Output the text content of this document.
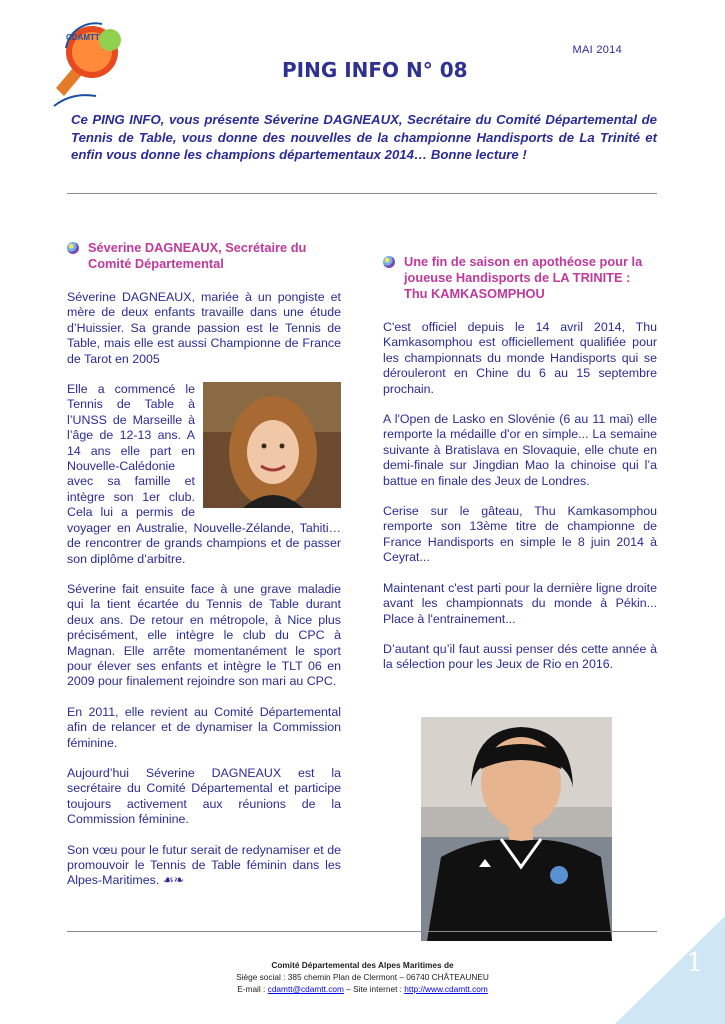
CDAMTT
MAI 2014
PING INFO N° 08
Ce PING INFO, vous présente Séverine DAGNEAUX, Secrétaire du Comité Départemental de Tennis de Table, vous donne des nouvelles de la championne Handisports de La Trinité et enfin vous donne les champions départementaux 2014… Bonne lecture !
Séverine DAGNEAUX, Secrétaire du Comité Départemental

Séverine DAGNEAUX, mariée à un pongiste et mère de deux enfants travaille dans une étude d’Huissier. Sa grande passion est le Tennis de Table, mais elle est aussi Championne de France de Tarot en 2005

Elle a commencé le Tennis de Table à l’UNSS de Marseille à l’âge de 12-13 ans. A 14 ans elle part en Nouvelle-Calédonie avec sa famille et intègre son 1er club. Cela lui a permis de voyager en Australie, Nouvelle-Zélande, Tahiti… de rencontrer de grands champions et de passer son diplôme d’arbitre.

Séverine fait ensuite face à une grave maladie qui la tient écartée du Tennis de Table durant deux ans. De retour en métropole, à Nice plus précisément, elle intègre le club du CPC à Magnan. Elle arrête momentanément le sport pour élever ses enfants et intègre le TLT 06 en 2009 pour finalement rejoindre son mari au CPC.

En 2011, elle revient au Comité Départemental afin de relancer et de dynamiser la Commission féminine.

Aujourd’hui Séverine DAGNEAUX est la secrétaire du Comité Départemental et participe toujours activement aux réunions de la Commission féminine.

Son vœu pour le futur serait de redynamiser et de promouvoir le Tennis de Table féminin dans les Alpes-Maritimes. ☙❧

Une fin de saison en apothéose pour la joueuse Handisports de LA TRINITE : Thu KAMKASOMPHOU

C'est officiel depuis le 14 avril 2014, Thu Kamkasomphou est officiellement qualifiée pour les championnats du monde Handisports qui se dérouleront en Chine du 6 au 15 septembre prochain.

A l'Open de Lasko en Slovénie (6 au 11 mai) elle remporte la médaille d'or en simple... La semaine suivante à Bratislava en Slovaquie, elle chute en demi-finale sur Jingdian Mao la chinoise qui l’a battue en finale des Jeux de Londres.

Cerise sur le gâteau, Thu Kamkasomphou remporte son 13ème titre de championne de France Handisports en simple le 8 juin 2014 à Ceyrat...

Maintenant c'est parti pour la dernière ligne droite avant les championnats du monde à Pékin... Place à l'entrainement...

D’autant qu’il faut aussi penser dés cette année à la sélection pour les Jeux de Rio en 2016.

Comité Départemental des Alpes Maritimes de
Siège social : 385 chemin Plan de Clermont – 06740 CHÂTEAUNEU
E-mail : cdamtt@cdamtt.com – Site internet : http://www.cdamtt.com
1
